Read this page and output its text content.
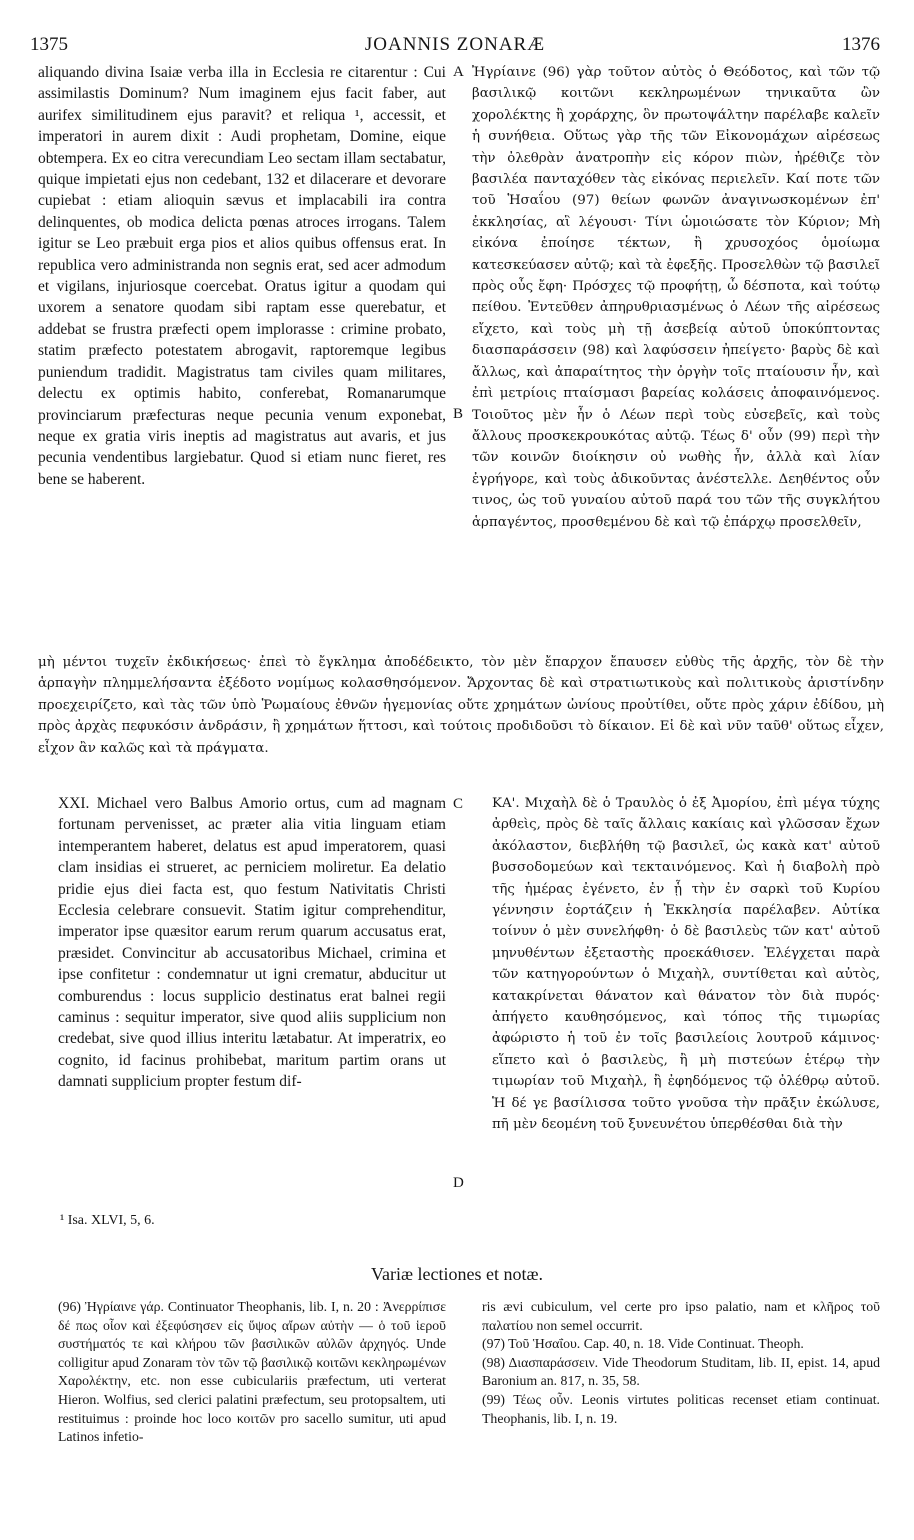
1375	JOANNIS ZONARÆ	1376

aliquando divina Isaiæ verba illa in Ecclesia re citarentur : Cui assimilastis Dominum? Num imaginem ejus facit faber, aut aurifex similitudinem ejus paravit? et reliqua ¹, accessit, et imperatori in aurem dixit : Audi prophetam, Domine, eique obtempera. Ex eo citra verecundiam Leo sectam illam sectabatur, quique impietati ejus non cedebant, 132 et dilacerare et devorare cupiebat : etiam alioquin sævus et implacabili ira contra delinquentes, ob modica delicta pœnas atroces irrogans. Talem igitur se Leo præbuit erga pios et alios quibus offensus erat. In republica vero administranda non segnis erat, sed acer admodum et vigilans, injuriosque coercebat. Oratus igitur a quodam qui uxorem a senatore quodam sibi raptam esse querebatur, et addebat se frustra præfecti opem implorasse : crimine probato, statim præfecto potestatem abrogavit, raptoremque legibus puniendum tradidit. Magistratus tam civiles quam militares, delectu ex optimis habito, conferebat, Romanarumque provinciarum præfecturas neque pecunia venum exponebat, neque ex gratia viris ineptis ad magistratus aut avaris, et jus pecunia vendentibus largiebatur. Quod si etiam nunc fieret, res bene se haberent.

A
B

Ἠγρίαινε (96) γὰρ τοῦτον αὐτὸς ὁ Θεόδοτος, καὶ τῶν τῷ βασιλικῷ κοιτῶνι κεκληρωμένων τηνικαῦτα ὢν χορολέκτης ἢ χοράρχης, ὃν πρωτοψάλτην παρέλαβε καλεῖν ἡ συνήθεια. Οὕτως γὰρ τῆς τῶν Εἰκονομάχων αἱρέσεως τὴν ὀλεθρὰν ἀνατροπὴν εἰς κόρον πιὼν, ἠρέθιζε τὸν βασιλέα πανταχόθεν τὰς εἰκόνας περιελεῖν. Καί ποτε τῶν τοῦ Ἡσαΐου (97) θείων φωνῶν ἀναγινωσκομένων ἐπ' ἐκκλησίας, αἳ λέγουσι· Τίνι ὡμοιώσατε τὸν Κύριον; Μὴ εἰκόνα ἐποίησε τέκτων, ἢ χρυσοχόος ὁμοίωμα κατεσκεύασεν αὐτῷ; καὶ τὰ ἐφεξῆς. Προσελθὼν τῷ βασιλεῖ πρὸς οὖς ἔφη· Πρόσχες τῷ προφήτῃ, ὦ δέσποτα, καὶ τούτῳ πείθου. Ἐντεῦθεν ἀπηρυθριασμένως ὁ Λέων τῆς αἱρέσεως εἴχετο, καὶ τοὺς μὴ τῇ ἀσεβείᾳ αὐτοῦ ὑποκύπτοντας διασπαράσσειν (98) καὶ λαφύσσειν ἠπείγετο· βαρὺς δὲ καὶ ἄλλως, καὶ ἀπαραίτητος τὴν ὀργὴν τοῖς πταίουσιν ἦν, καὶ ἐπὶ μετρίοις πταίσμασι βαρείας κολάσεις ἀποφαινόμενος. Τοιοῦτος μὲν ἦν ὁ Λέων περὶ τοὺς εὐσεβεῖς, καὶ τοὺς ἄλλους προσκεκρουκότας αὐτῷ. Τέως δ' οὖν (99) περὶ τὴν τῶν κοινῶν διοίκησιν οὐ νωθὴς ἦν, ἀλλὰ καὶ λίαν ἐγρήγορε, καὶ τοὺς ἀδικοῦντας ἀνέστελλε. Δεηθέντος οὖν τινος, ὡς τοῦ γυναίου αὐτοῦ παρά του τῶν τῆς συγκλήτου ἁρπαγέντος, προσθεμένου δὲ καὶ τῷ ἐπάρχῳ προσελθεῖν,

μὴ μέντοι τυχεῖν ἐκδικήσεως· ἐπεὶ τὸ ἔγκλημα ἀποδέδεικτο, τὸν μὲν ἔπαρχον ἔπαυσεν εὐθὺς τῆς ἀρχῆς, τὸν δὲ τὴν ἁρπαγὴν πλημμελήσαντα ἐξέδοτο νομίμως κολασθησόμενον. Ἄρχοντας δὲ καὶ στρατιωτικοὺς καὶ πολιτικοὺς ἀριστίνδην προεχειρίζετο, καὶ τὰς τῶν ὑπὸ Ῥωμαίους ἐθνῶν ἡγεμονίας οὔτε χρημάτων ὠνίους προὐτίθει, οὔτε πρὸς χάριν ἐδίδου, μὴ πρὸς ἀρχὰς πεφυκόσιν ἀνδράσιν, ἢ χρημάτων ἥττοσι, καὶ τούτοις προδιδοῦσι τὸ δίκαιον. Εἰ δὲ καὶ νῦν ταῦθ' οὕτως εἶχεν, εἶχον ἂν καλῶς καὶ τὰ πράγματα.

XXI. Michael vero Balbus Amorio ortus, cum ad magnam fortunam pervenisset, ac præter alia vitia linguam etiam intemperantem haberet, delatus est apud imperatorem, quasi clam insidias ei strueret, ac perniciem moliretur. Ea delatio pridie ejus diei facta est, quo festum Nativitatis Christi Ecclesia celebrare consuevit. Statim igitur comprehenditur, imperator ipse quæsitor earum rerum quarum accusatus erat, præsidet. Convincitur ab accusatoribus Michael, crimina et ipse confitetur : condemnatur ut igni crematur, abducitur ut comburendus : locus supplicio destinatus erat balnei regii caminus : sequitur imperator, sive quod aliis supplicium non credebat, sive quod illius interitu lætabatur. At imperatrix, eo cognito, id facinus prohibebat, maritum partim orans ut damnati supplicium propter festum dif-

C
D

ΚΑ'. Μιχαὴλ δὲ ὁ Τραυλὸς ὁ ἐξ Ἀμορίου, ἐπὶ μέγα τύχης ἀρθεὶς, πρὸς δὲ ταῖς ἄλλαις κακίαις καὶ γλῶσσαν ἔχων ἀκόλαστον, διεβλήθη τῷ βασιλεῖ, ὡς κακὰ κατ' αὐτοῦ βυσσοδομεύων καὶ τεκταινόμενος. Καὶ ἡ διαβολὴ πρὸ τῆς ἡμέρας ἐγένετο, ἐν ᾗ τὴν ἐν σαρκὶ τοῦ Κυρίου γέννησιν ἑορτάζειν ἡ Ἐκκλησία παρέλαβεν. Αὐτίκα τοίνυν ὁ μὲν συνελήφθη· ὁ δὲ βασιλεὺς τῶν κατ' αὐτοῦ μηνυθέντων ἐξεταστὴς προεκάθισεν. Ἐλέγχεται παρὰ τῶν κατηγορούντων ὁ Μιχαὴλ, συντίθεται καὶ αὐτὸς, κατακρίνεται θάνατον καὶ θάνατον τὸν διὰ πυρός· ἀπήγετο καυθησόμενος, καὶ τόπος τῆς τιμωρίας ἀφώριστο ἡ τοῦ ἐν τοῖς βασιλείοις λουτροῦ κάμινος· εἵπετο καὶ ὁ βασιλεὺς, ἢ μὴ πιστεύων ἑτέρῳ τὴν τιμωρίαν τοῦ Μιχαὴλ, ἢ ἐφηδόμενος τῷ ὀλέθρῳ αὐτοῦ. Ἡ δέ γε βασίλισσα τοῦτο γνοῦσα τὴν πρᾶξιν ἐκώλυσε, πῆ μὲν δεομένη τοῦ ξυνευνέτου ὑπερθέσθαι διὰ τὴν

¹ Isa. XLVI, 5, 6.
Variæ lectiones et notæ.

(96) Ἠγρίαινε γάρ. Continuator Theophanis, lib. I, n. 20 : Ἀνερρίπισε δέ πως οἷον καὶ ἐξεφύσησεν εἰς ὕψος αἴρων αὐτὴν — ὁ τοῦ ἱεροῦ συστήματός τε καὶ κλήρου τῶν βασιλικῶν αὐλῶν ἀρχηγός. Unde colligitur apud Zonaram τὸν τῶν τῷ βασιλικῷ κοιτῶνι κεκληρωμένων Χαρολέκτην, etc. non esse cubiculariis præfectum, uti verterat Hieron. Wolfius, sed clerici palatini præfectum, seu protopsaltem, uti restituimus : proinde hoc loco κοιτῶν pro sacello sumitur, uti apud Latinos infetio-

ris ævi cubiculum, vel certe pro ipso palatio, nam et κλῆρος τοῦ παλατίου non semel occurrit.

(97) Τοῦ Ἡσαΐου. Cap. 40, n. 18. Vide Continuat. Theoph.

(98) Διασπαράσσειν. Vide Theodorum Studitam, lib. II, epist. 14, apud Baronium an. 817, n. 35, 58.

(99) Τέως οὖν. Leonis virtutes politicas recenset etiam continuat. Theophanis, lib. I, n. 19.
